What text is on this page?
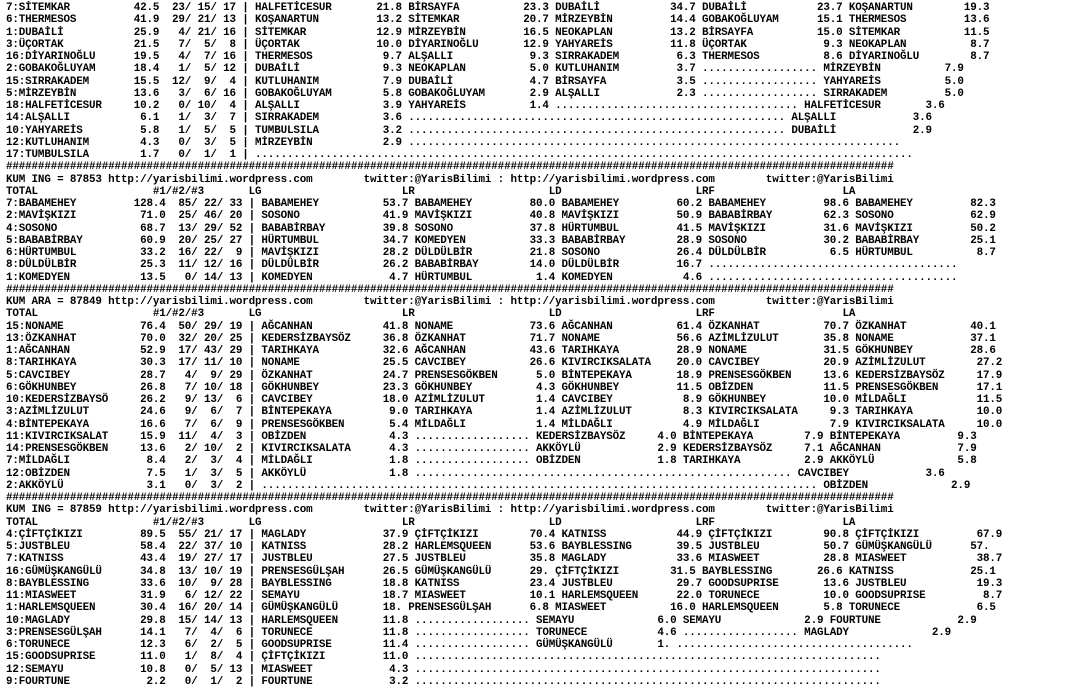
7:SİTEMKAR          42.5  23/ 15/ 17 | HALFETİCESUR       21.8 BİRSAYFA          23.3 DUBAİLİ           34.7 DUBAİLİ           23.7 KOŞANARTUN        19.3
6:THERMESOS         41.9  29/ 21/ 13 | KOŞANARTUN         13.2 SİTEMKAR          20.7 MİRZEYBİN         14.4 GOBAKOĞLUYAM      15.1 THERMESOS         13.6
1:DUBAİLİ           25.9   4/ 21/ 16 | SİTEMKAR           12.9 MİRZEYBİN         16.5 NEOKAPLAN         13.2 BİRSAYFA          15.0 SİTEMKAR          11.5
3:ÜÇORTAK           21.5   7/  5/  8 | ÜÇORTAK            10.0 DİYARINOĞLU       12.9 YAHYAREİS         11.8 ÜÇORTAK            9.3 NEOKAPLAN          8.7
16:DİYARINOĞLU      19.5   4/  7/ 16 | THERMESOS           9.7 ALŞALLI            9.3 SIRRAKADEM         6.3 THERMESOS          8.6 DİYARINOĞLU        8.7
2:GOBAKOĞLUYAM      18.4   1/  5/ 12 | DUBAİLİ             9.3 NEOKAPLAN          5.0 KUTLUHANIM         3.7 .................. MİRZEYBİN          7.9
15:SIRRAKADEM       15.5  12/  9/  4 | KUTLUHANIM          7.9 DUBAİLİ            4.7 BİRSAYFA           3.5 .................. YAHYAREİS          5.0
5:MİRZEYBİN         13.6   3/  6/ 16 | GOBAKOĞLUYAM        5.8 GOBAKOĞLUYAM       2.9 ALŞALLI            2.3 .................. SIRRAKADEM         5.0
18:HALFETİCESUR     10.2   0/ 10/  4 | ALŞALLI             3.9 YAHYAREİS          1.4 ...................................... HALFETİCESUR       3.6
14:ALŞALLI           6.1   1/  3/  7 | SIRRAKADEM          3.6 ........................................................... ALŞALLI            3.6
10:YAHYAREİS         5.8   1/  5/  5 | TUMBULSILA          3.2 ........................................................... DUBAİLİ            2.9
12:KUTLUHANIM        4.3   0/  3/  5 | MİRZEYBİN           2.9 .............................................................................
17:TUMBULSILA        1.7   0/  1/  1 | .......................................................................................................
###########################################################################################################################################
KUM ING = 87853 http://yarisbilimi.wordpress.com        twitter:@YarisBilimi : http://yarisbilimi.wordpress.com        twitter:@YarisBilimi
TOTAL                  #1/#2/#3       LG                      LR                     LD                     LRF                    LA
7:BABAMEHEY         128.4  85/ 22/ 33 | BABAMEHEY          53.7 BABAMEHEY         80.0 BABAMEHEY         60.2 BABAMEHEY         98.6 BABAMEHEY         82.3
2:MAVİŞKIZI          71.0  25/ 46/ 20 | SOSONO             41.9 MAVİŞKIZI         40.8 MAVİŞKIZI         50.9 BABABİRBAY        62.3 SOSONO            62.9
4:SOSONO             68.7  13/ 29/ 52 | BABABİRBAY         39.8 SOSONO            37.8 HÜRTUMBUL         41.5 MAVİŞKIZI         31.6 MAVİŞKIZI         50.2
5:BABABİRBAY         60.9  20/ 25/ 27 | HÜRTUMBUL          34.7 KOMEDYEN          33.3 BABABİRBAY        28.9 SOSONO            30.2 BABABİRBAY        25.1
6:HÜRTUMBUL          33.2  16/ 22/  9 | MAVİŞKIZI          28.2 DÜLDÜLBİR         21.8 SOSONO            26.4 DÜLDÜLBİR          6.5 HÜRTUMBUL          8.7
8:DÜLDÜLBİR          25.3  11/ 12/ 16 | DÜLDÜLBİR          26.2 BABABİRBAY        14.0 DÜLDÜLBİR         16.7 .......................................
1:KOMEDYEN           13.5   0/ 14/ 13 | KOMEDYEN            4.7 HÜRTUMBUL          1.4 KOMEDYEN           4.6 .......................................
###########################################################################################################################################
KUM ARA = 87849 http://yarisbilimi.wordpress.com        twitter:@YarisBilimi : http://yarisbilimi.wordpress.com        twitter:@YarisBilimi
TOTAL                  #1/#2/#3       LG                      LR                     LD                     LRF                    LA
15:NONAME            76.4  50/ 29/ 19 | AĞCANHAN           41.8 NONAME            73.6 AĞCANHAN          61.4 ÖZKANHAT          70.7 ÖZKANHAT          40.1
13:ÖZKANHAT          70.0  32/ 20/ 25 | KEDERSİZBAYSÖZ     36.8 ÖZKANHAT          71.7 NONAME            56.6 AZİMLİZULUT       35.8 NONAME            37.1
1:AĞCANHAN           52.9  17/ 43/ 29 | TARIHKAYA          32.6 AĞCANHAN          43.6 TARIHKAYA         28.9 NONAME            31.5 GÖKHUNBEY         28.6
8:TARIHKAYA          30.3  17/ 11/ 10 | NONAME             25.5 CAVCIBEY          26.6 KIVIRCIKSALATA    20.0 CAVCIBEY          20.9 AZİMLİZULUT        27.2
5:CAVCIBEY           28.7   4/  9/ 29 | ÖZKANHAT           24.7 PRENSESGÖKBEN      5.0 BİNTEPEKAYA       18.9 PRENSESGÖKBEN     13.6 KEDERSİZBAYSÖZ     17.9
6:GÖKHUNBEY          26.8   7/ 10/ 18 | GÖKHUNBEY          23.3 GÖKHUNBEY          4.3 GÖKHUNBEY         11.5 OBİZDEN           11.5 PRENSESGÖKBEN      17.1
10:KEDERSİZBAYSÖ     26.2   9/ 13/  6 | CAVCIBEY           18.0 AZİMLİZULUT        1.4 CAVCIBEY           8.9 GÖKHUNBEY         10.0 MİLDAĞLI           11.5
3:AZİMLİZULUT        24.6   9/  6/  7 | BİNTEPEKAYA         9.0 TARIHKAYA          1.4 AZİMLİZULUT        8.3 KIVIRCIKSALATA     9.3 TARIHKAYA          10.0
4:BİNTEPEKAYA        16.6   7/  6/  9 | PRENSESGÖKBEN       5.4 MİLDAĞLI           1.4 MİLDAĞLI           4.9 MİLDAĞLI           7.9 KIVIRCIKSALATA     10.0
11:KIVIRCIKSALAT     15.9  11/  4/  3 | OBİZDEN             4.3 .................. KEDERSİZBAYSÖZ     4.0 BİNTEPEKAYA        7.9 BİNTEPEKAYA         9.3
14:PRENSESGÖKBEN     13.6   2/ 10/  2 | KIVIRCIKSALATA      4.3 .................. AKKÖYLÜ            2.9 KEDERSİZBAYSÖZ     7.1 AĞCANHAN            7.9
7:MİLDAĞLI            8.4   2/  3/  4 | MİLDAĞLI            1.8 .................. OBİZDEN            1.8 TARIHKAYA          2.9 AKKÖYLÜ             5.8
12:OBİZDEN            7.5   1/  3/  5 | AKKÖYLÜ             1.8 ........................................................... CAVCIBEY            3.6
2:AKKÖYLÜ             3.1   0/  3/  2 | ....................................................................................... OBİZDEN             2.9
###########################################################################################################################################
KUM ING = 87859 http://yarisbilimi.wordpress.com        twitter:@YarisBilimi : http://yarisbilimi.wordpress.com        twitter:@YarisBilimi
TOTAL                  #1/#2/#3       LG                      LR                     LD                     LRF                    LA
4:ÇİFTÇİKIZI         89.5  55/ 21/ 17 | MAGLADY            37.9 ÇİFTÇİKIZI        70.4 KATNISS           44.9 ÇİFTÇİKIZI        90.8 ÇİFTÇİKIZI         67.9
5:JUSTBLEU           58.4  22/ 37/ 10 | KATNISS            28.2 HARLEMSQUEEN      53.6 BAYBLESSING       39.5 JUSTBLEU          50.7 GÜMÜŞKANGÜLÜ      57.
7:KATNISS            43.4  19/ 27/ 17 | JUSTBLEU           27.5 JUSTBLEU          35.8 MAGLADY           33.6 MIASWEET          28.8 MIASWEET           38.7
16:GÜMÜŞKANGÜLÜ      34.8  13/ 10/ 19 | PRENSESGÜLŞAH      26.5 GÜMÜŞKANGÜLÜ      29. ÇİFTÇİKIZI        31.5 BAYBLESSING       26.6 KATNISS            25.1
8:BAYBLESSING        33.6  10/  9/ 28 | BAYBLESSING        18.8 KATNISS           23.4 JUSTBLEU          29.7 GOODSUPRISE       13.6 JUSTBLEU           19.3
11:MIASWEET          31.9   6/ 12/ 22 | SEMAYU             18.7 MIASWEET          10.1 HARLEMSQUEEN      22.0 TORUNECE          10.0 GOODSUPRISE         8.7
1:HARLEMSQUEEN       30.4  16/ 20/ 14 | GÜMÜŞKANGÜLÜ       18. PRENSESGÜLŞAH      6.8 MIASWEET          16.0 HARLEMSQUEEN       5.8 TORUNECE            6.5
10:MAGLADY           29.8  15/ 14/ 13 | HARLEMSQUEEN       11.8 .................. SEMAYU             6.0 SEMAYU             2.9 FOURTUNE            2.9
3:PRENSESGÜLŞAH      14.1   7/  4/  6 | TORUNECE           11.8 .................. TORUNECE           4.6 .................. MAGLADY             2.9
6:TORUNECE           12.3   6/  2/  5 | GOODSUPRISE        11.4 .................. GÜMÜŞKANGÜLÜ       1. .....................................
15:GOODSUPRISE       11.0   1/  8/  4 | ÇİFTÇİKIZI         11.0 .........................................................................
12:SEMAYU            10.8   0/  5/ 13 | MIASWEET            4.3 .........................................................................
9:FOURTUNE            2.2   0/  1/  2 | FOURTUNE            3.2 .........................................................................
